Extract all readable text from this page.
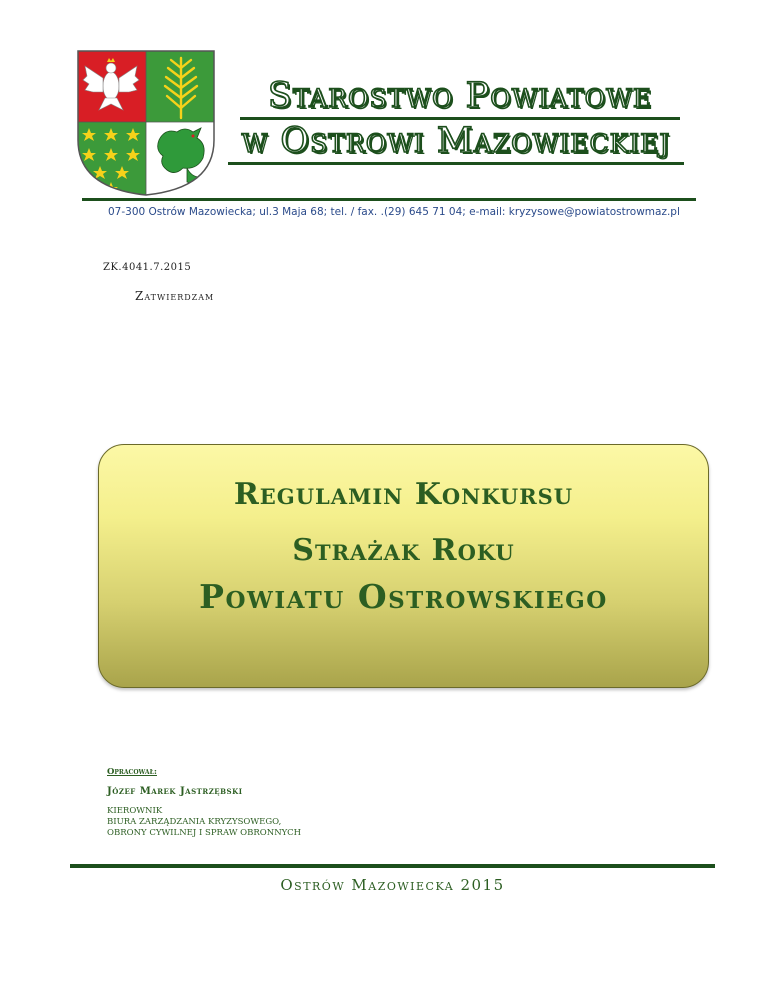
Starostwo Powiatowe
w Ostrowi Mazowieckiej
07-300 Ostrów Mazowiecka; ul.3 Maja 68; tel. / fax. .(29) 645 71 04; e-mail: kryzysowe@powiatostrowmaz.pl
ZK.4041.7.2015
Zatwierdzam
Regulamin Konkursu
Strażak Roku
Powiatu Ostrowskiego
Opracował:
Józef Marek Jastrzębski
KIEROWNIK
BIURA ZARZĄDZANIA KRYZYSOWEGO,
OBRONY CYWILNEJ I SPRAW OBRONNYCH
Ostrów Mazowiecka 2015
